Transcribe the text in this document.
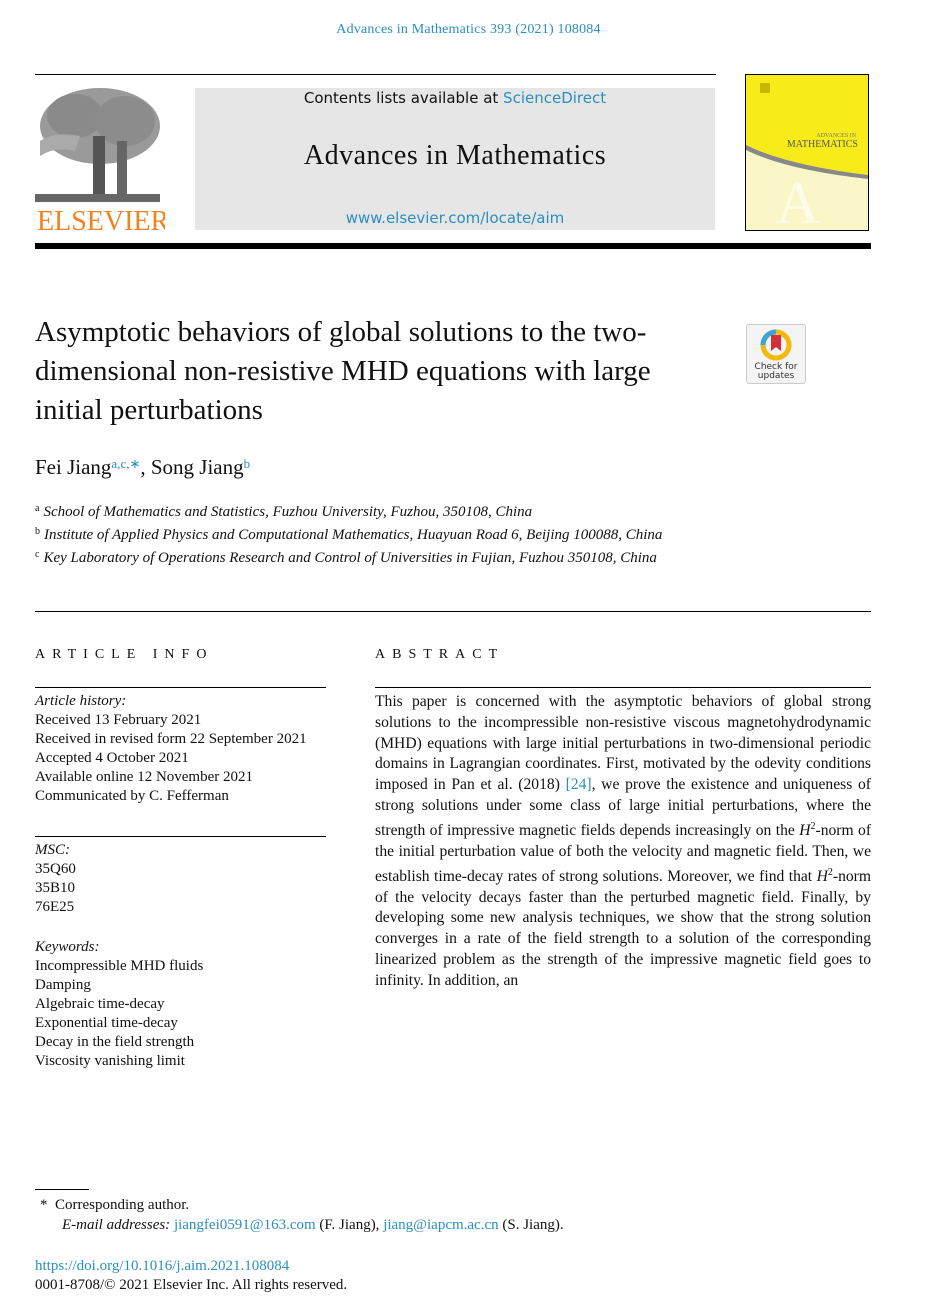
Advances in Mathematics 393 (2021) 108084
ELSEVIER
Contents lists available at ScienceDirect
Advances in Mathematics
www.elsevier.com/locate/aim	A
ADVANCES IN
MATHEMATICS
Asymptotic behaviors of global solutions to the two-dimensional non-resistive MHD equations with large initial perturbations
Check for
updates
Fei Jiang$^{a,c,∗}$, Song Jiang$^b$
$^a$ School of Mathematics and Statistics, Fuzhou University, Fuzhou, 350108, China
$^b$ Institute of Applied Physics and Computational Mathematics, Huayuan Road 6, Beijing 100088, China
$^c$ Key Laboratory of Operations Research and Control of Universities in Fujian, Fuzhou 350108, China
ARTICLE INFO
Article history:
Received 13 February 2021
Received in revised form 22 September 2021
Accepted 4 October 2021
Available online 12 November 2021
Communicated by C. Fefferman
MSC:
35Q60
35B10
76E25
Keywords:
Incompressible MHD fluids
Damping
Algebraic time-decay
Exponential time-decay
Decay in the field strength
Viscosity vanishing limit
ABSTRACT
This paper is concerned with the asymptotic behaviors of global strong solutions to the incompressible non-resistive viscous magnetohydrodynamic (MHD) equations with large initial perturbations in two-dimensional periodic domains in Lagrangian coordinates. First, motivated by the odevity conditions imposed in Pan et al. (2018) [24], we prove the existence and uniqueness of strong solutions under some class of large initial perturbations, where the strength of impressive magnetic fields depends increasingly on the $H^2$-norm of the initial perturbation value of both the velocity and magnetic field. Then, we establish time-decay rates of strong solutions. Moreover, we find that $H^2$-norm of the velocity decays faster than the perturbed magnetic field. Finally, by developing some new analysis techniques, we show that the strong solution converges in a rate of the field strength to a solution of the corresponding linearized problem as the strength of the impressive magnetic field goes to infinity. In addition, an
* Corresponding author.
E-mail addresses: jiangfei0591@163.com (F. Jiang), jiang@iapcm.ac.cn (S. Jiang).
https://doi.org/10.1016/j.aim.2021.108084
0001-8708/© 2021 Elsevier Inc. All rights reserved.
